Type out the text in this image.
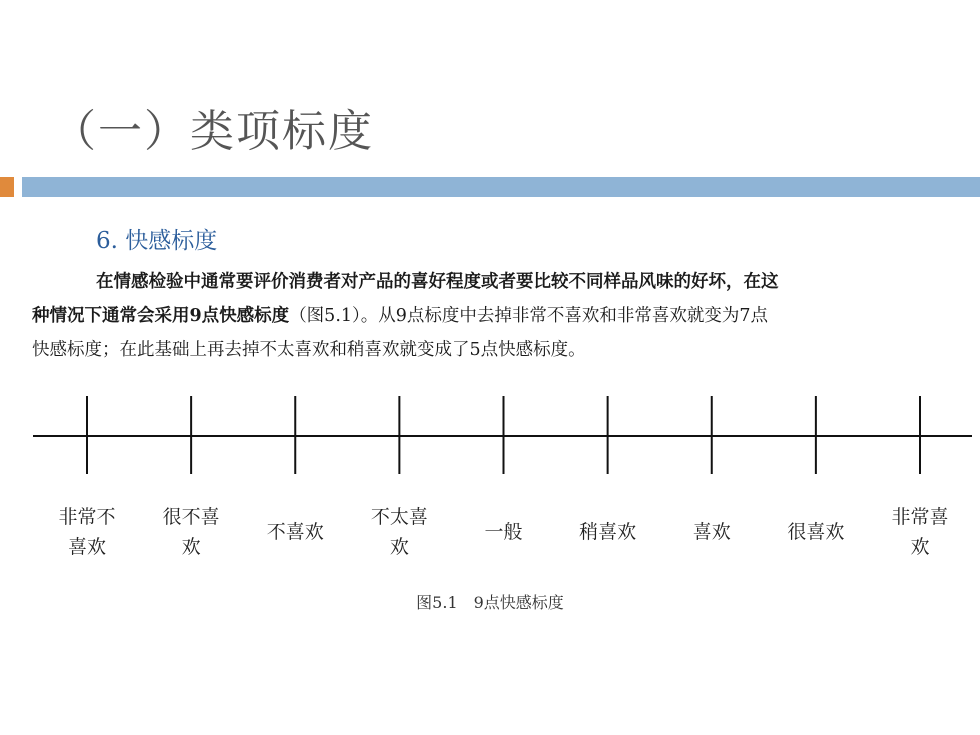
（一）类项标度
6. 快感标度
在情感检验中通常要评价消费者对产品的喜好程度或者要比较不同样品风味的好坏，在这
种情况下通常会采用9点快感标度（图5.1）。从9点标度中去掉非常不喜欢和非常喜欢就变为7点
快感标度；在此基础上再去掉不太喜欢和稍喜欢就变成了5点快感标度。
非常不
喜欢
很不喜
欢
不喜欢
不太喜
欢
一般	稍喜欢	喜欢	很喜欢
非常喜
欢
图5.1　9点快感标度
